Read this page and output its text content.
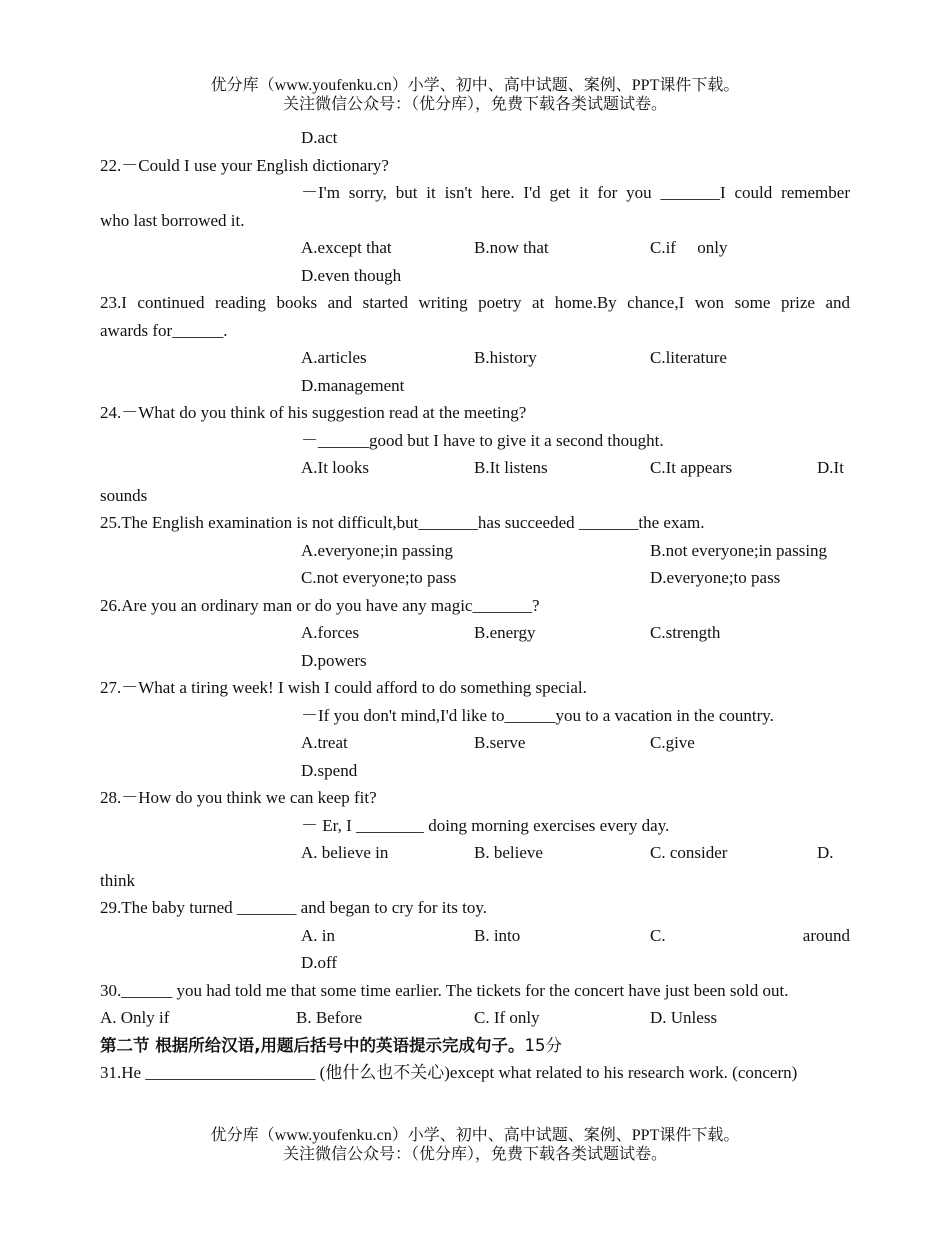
优分库（www.youfenku.cn）小学、初中、高中试题、案例、PPT课件下载。
关注微信公众号：（优分库），免费下载各类试题试卷。
D.act
22.－Could I use your English dictionary?
－I'm sorry, but it isn't here. I'd get it for you _______I could remember
who last borrowed it.
A.except that	B.now that	C.if　 only
D.even though
23.I continued reading books and started writing poetry at home.By chance,I won some prize and
awards for______.
A.articles	B.history	C.literature
D.management
24.－What do you think of his suggestion read at the meeting?
－______good but I have to give it a second thought.
A.It looks	B.It listens	C.It appears	D.It
sounds
25.The English examination is not difficult,but_______has succeeded _______the exam.
A.everyone;in passing	B.not everyone;in passing
C.not everyone;to pass	D.everyone;to pass
26.Are you an ordinary man or do you have any magic_______?
A.forces	B.energy	C.strength
D.powers
27.－What a tiring week! I wish I could afford to do something special.
－If you don't mind,I'd like to______you to a vacation in the country.
A.treat	B.serve	C.give
D.spend
28.－How do you think we can keep fit?
－ Er, I ________ doing morning exercises every day.
A. believe in	B. believe	C. consider	D.
think
29.The baby turned _______ and began to cry for its toy.
A. in	B. into	C.	around
D.off
30.______ you had told me that some time earlier. The tickets for the concert have just been sold out.
A. Only if	B. Before	C. If only	D. Unless
第二节 根据所给汉语,用题后括号中的英语提示完成句子。15分
31.He ____________________ (他什么也不关心)except what related to his research work. (concern)
优分库（www.youfenku.cn）小学、初中、高中试题、案例、PPT课件下载。
关注微信公众号：（优分库），免费下载各类试题试卷。
